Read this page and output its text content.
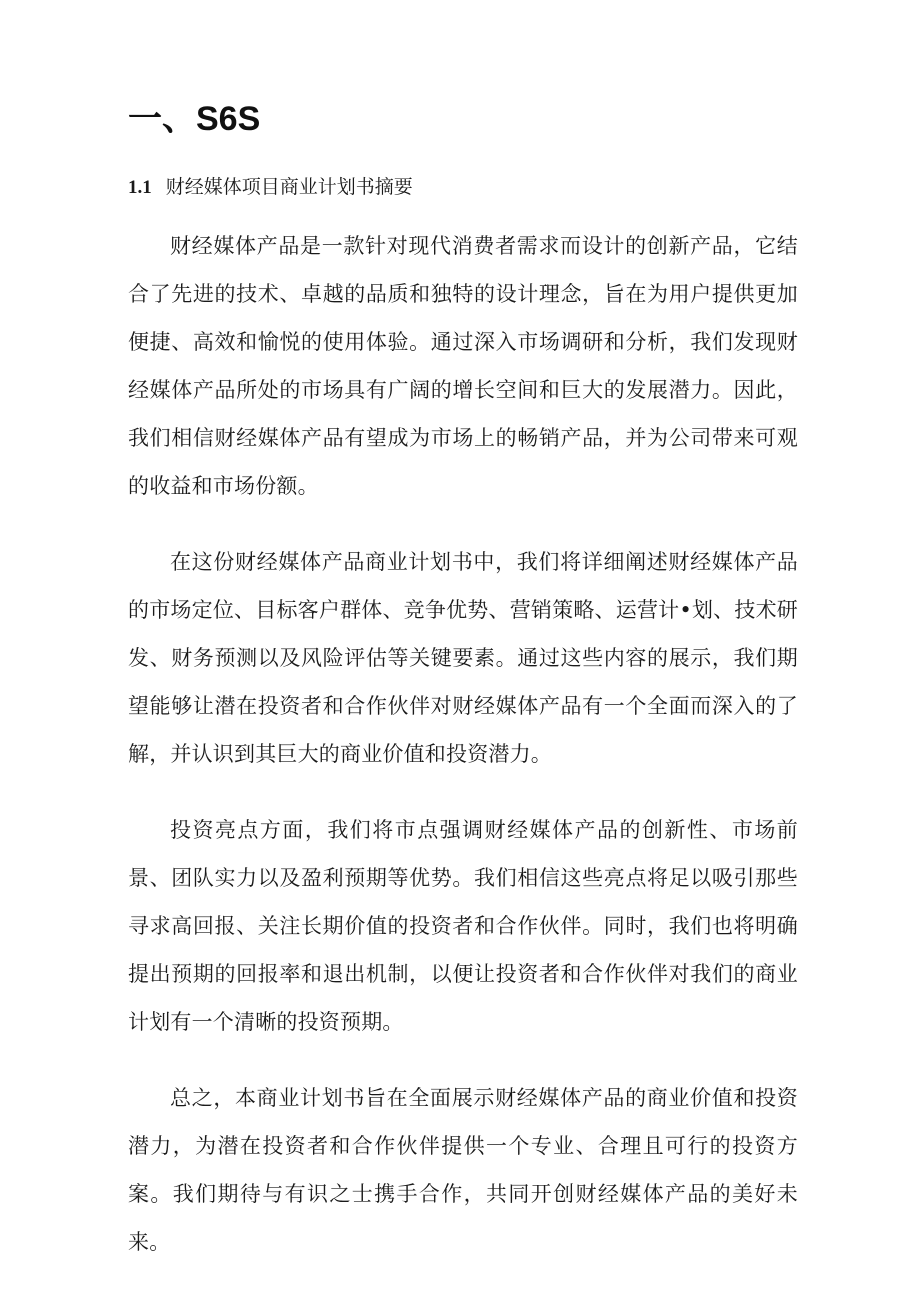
一、S6S
1.1 财经媒体项目商业计划书摘要

财经媒体产品是一款针对现代消费者需求而设计的创新产品，它结合了先进的技术、卓越的品质和独特的设计理念，旨在为用户提供更加便捷、高效和愉悦的使用体验。通过深入市场调研和分析，我们发现财经媒体产品所处的市场具有广阔的增长空间和巨大的发展潜力。因此，我们相信财经媒体产品有望成为市场上的畅销产品，并为公司带来可观的收益和市场份额。

在这份财经媒体产品商业计划书中，我们将详细阐述财经媒体产品的市场定位、目标客户群体、竞争优势、营销策略、运营计•划、技术研发、财务预测以及风险评估等关键要素。通过这些内容的展示，我们期望能够让潜在投资者和合作伙伴对财经媒体产品有一个全面而深入的了解，并认识到其巨大的商业价值和投资潜力。

投资亮点方面，我们将市点强调财经媒体产品的创新性、市场前景、团队实力以及盈利预期等优势。我们相信这些亮点将足以吸引那些寻求高回报、关注长期价值的投资者和合作伙伴。同时，我们也将明确提出预期的回报率和退出机制，以便让投资者和合作伙伴对我们的商业计划有一个清晰的投资预期。

总之，本商业计划书旨在全面展示财经媒体产品的商业价值和投资潜力，为潜在投资者和合作伙伴提供一个专业、合理且可行的投资方案。我们期待与有识之士携手合作，共同开创财经媒体产品的美好未来。
